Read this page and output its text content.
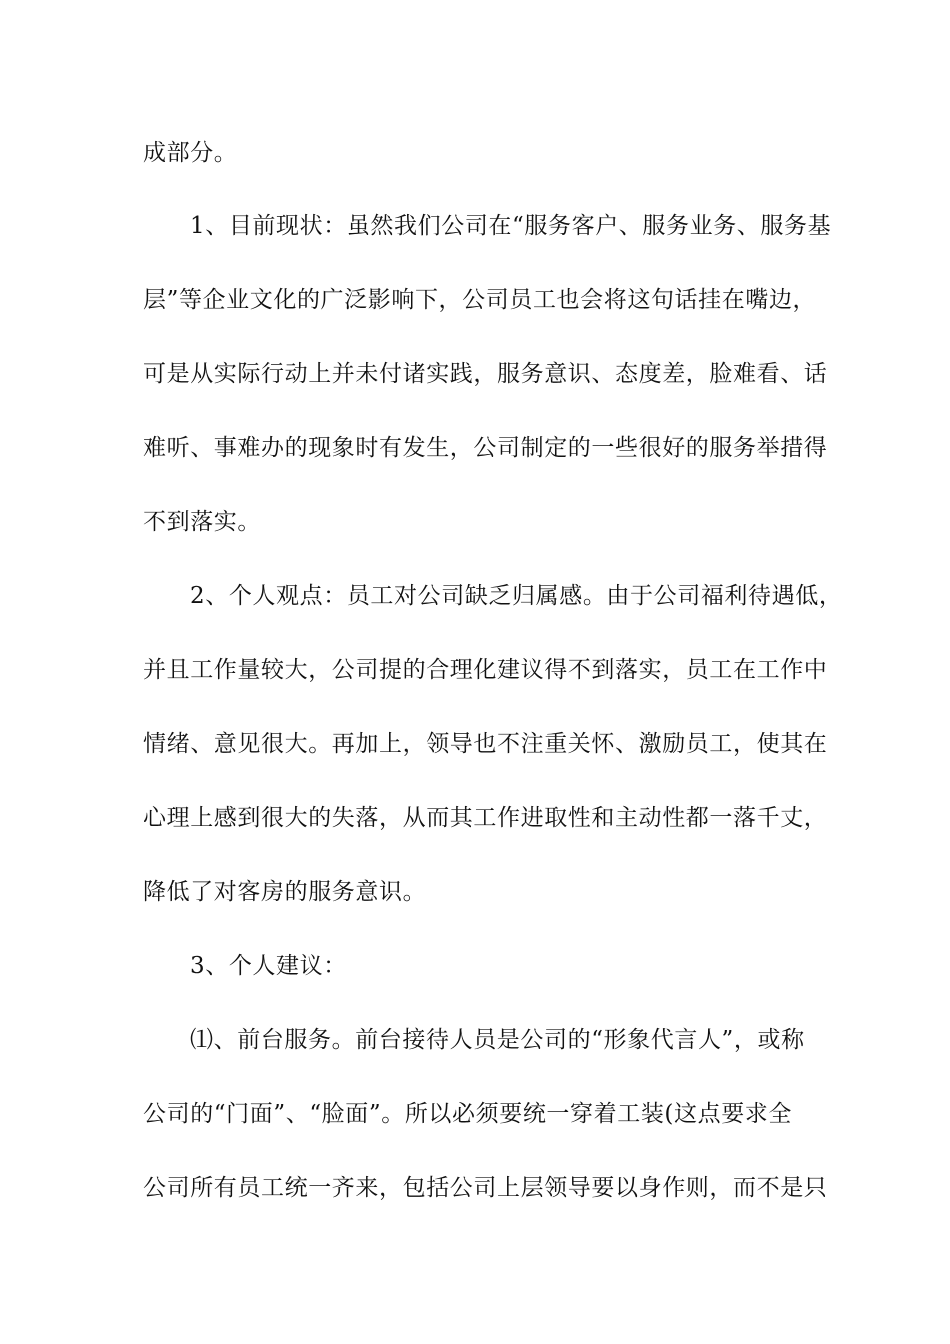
成部分。
1、目前现状：虽然我们公司在“服务客户、服务业务、服务基
层”等企业文化的广泛影响下，公司员工也会将这句话挂在嘴边，
可是从实际行动上并未付诸实践，服务意识、态度差，脸难看、话
难听、事难办的现象时有发生，公司制定的一些很好的服务举措得
不到落实。
2、个人观点：员工对公司缺乏归属感。由于公司福利待遇低，
并且工作量较大，公司提的合理化建议得不到落实，员工在工作中
情绪、意见很大。再加上，领导也不注重关怀、激励员工，使其在
心理上感到很大的失落，从而其工作进取性和主动性都一落千丈，
降低了对客房的服务意识。
3、个人建议：
⑴、前台服务。前台接待人员是公司的“形象代言人”，或称
公司的“门面”、“脸面”。所以必须要统一穿着工装(这点要求全
公司所有员工统一齐来，包括公司上层领导要以身作则，而不是只
